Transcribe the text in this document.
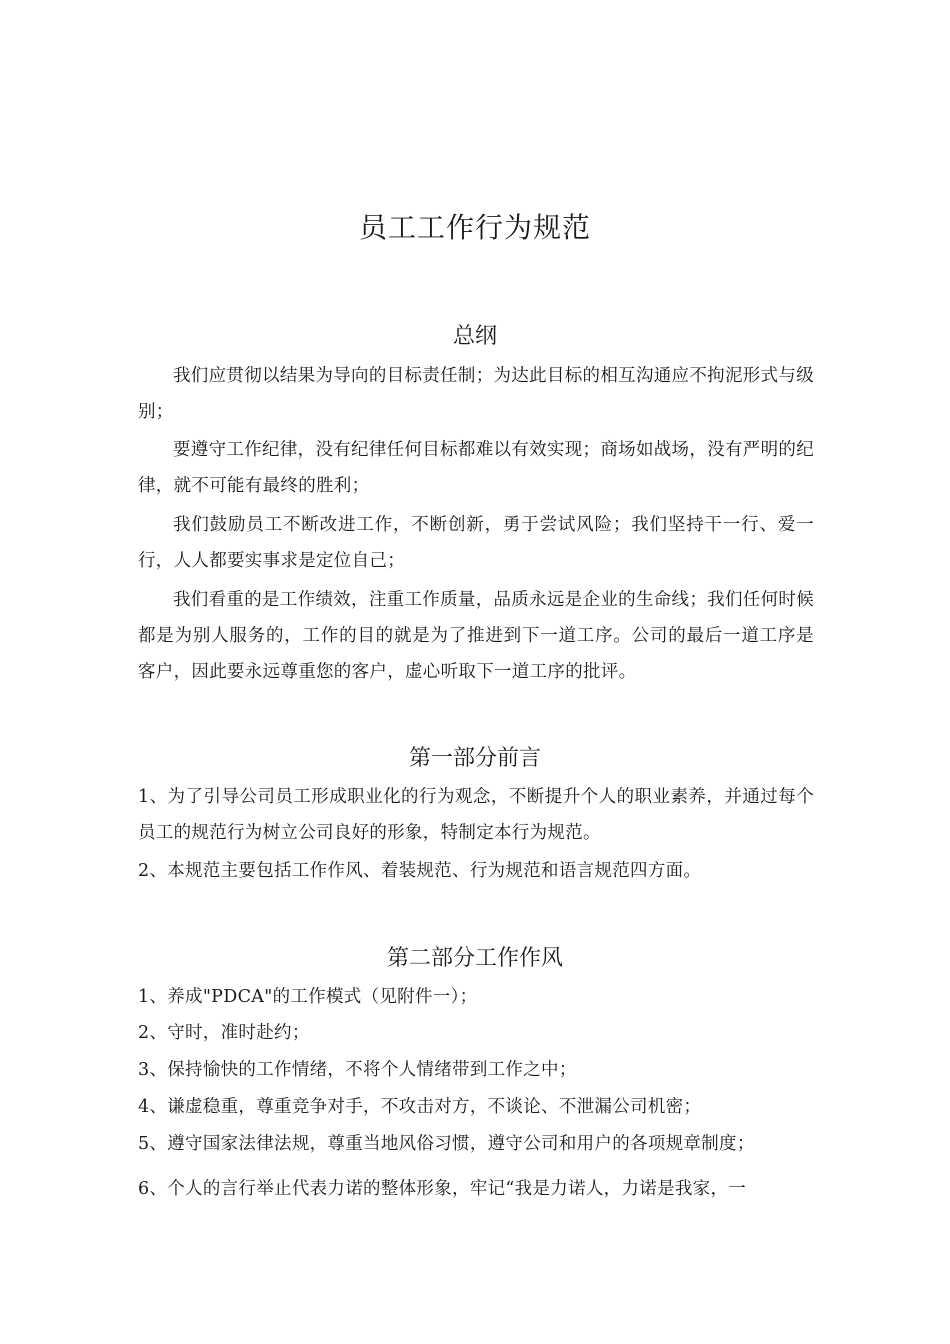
员工工作行为规范
总纲

我们应贯彻以结果为导向的目标责任制；为达此目标的相互沟通应不拘泥形式与级别；

要遵守工作纪律，没有纪律任何目标都难以有效实现；商场如战场，没有严明的纪律，就不可能有最终的胜利；

我们鼓励员工不断改进工作，不断创新，勇于尝试风险；我们坚持干一行、爱一行，人人都要实事求是定位自己；

我们看重的是工作绩效，注重工作质量，品质永远是企业的生命线；我们任何时候都是为别人服务的，工作的目的就是为了推进到下一道工序。公司的最后一道工序是客户，因此要永远尊重您的客户，虚心听取下一道工序的批评。

第一部分前言

1、为了引导公司员工形成职业化的行为观念，不断提升个人的职业素养，并通过每个员工的规范行为树立公司良好的形象，特制定本行为规范。

2、本规范主要包括工作作风、着装规范、行为规范和语言规范四方面。

第二部分工作作风

1、养成"PDCA"的工作模式（见附件一）；

2、守时，准时赴约；

3、保持愉快的工作情绪，不将个人情绪带到工作之中；

4、谦虚稳重，尊重竞争对手，不攻击对方，不谈论、不泄漏公司机密；

5、遵守国家法律法规，尊重当地风俗习惯，遵守公司和用户的各项规章制度；

6、个人的言行举止代表力诺的整体形象，牢记“我是力诺人，力诺是我家，一
